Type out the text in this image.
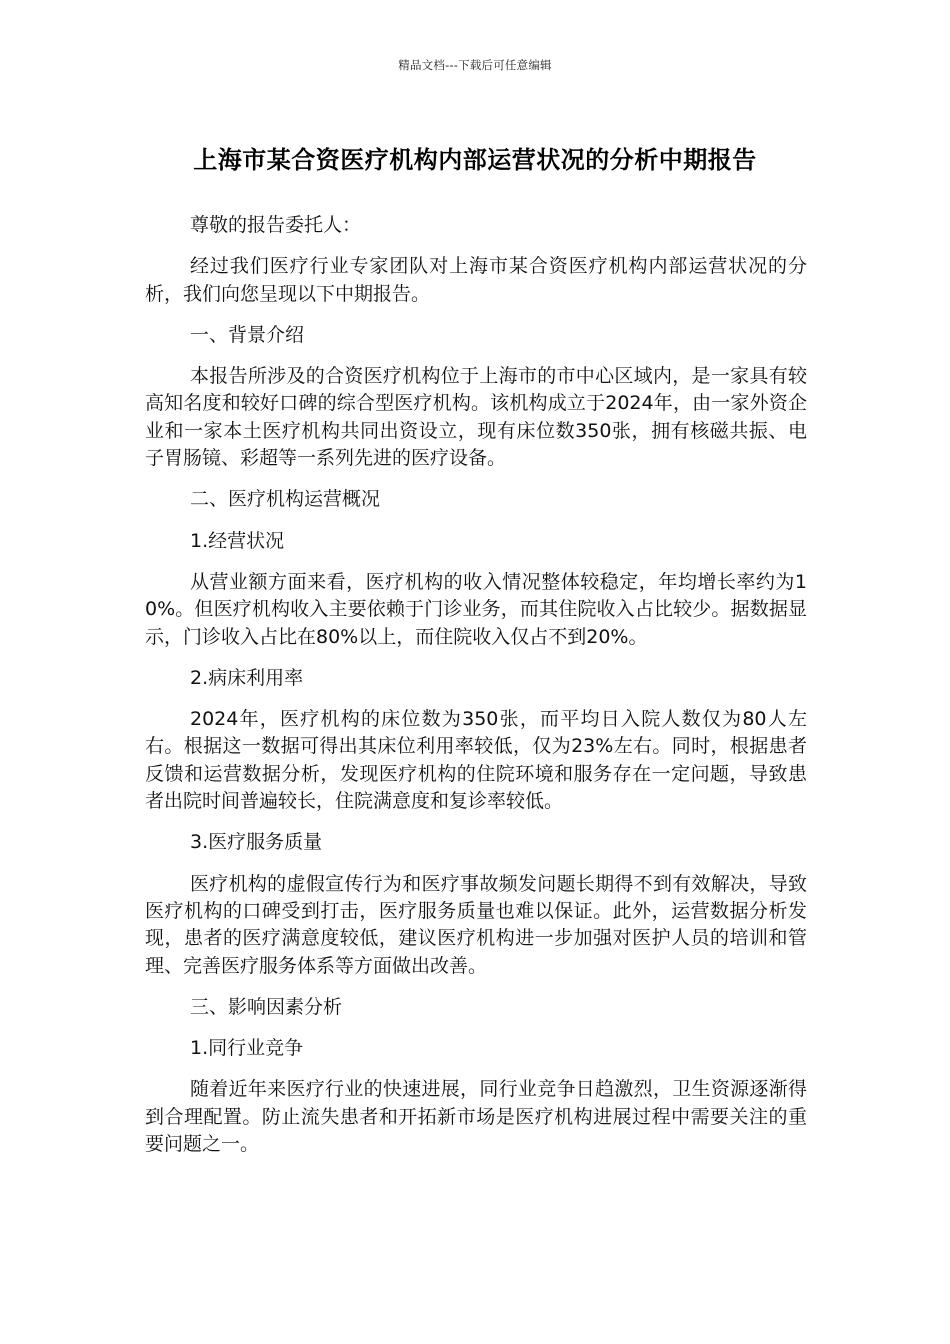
精品文档---下载后可任意编辑
上海市某合资医疗机构内部运营状况的分析中期报告

尊敬的报告委托人：

经过我们医疗行业专家团队对上海市某合资医疗机构内部运营状况的分析，我们向您呈现以下中期报告。

一、背景介绍

本报告所涉及的合资医疗机构位于上海市的市中心区域内，是一家具有较高知名度和较好口碑的综合型医疗机构。该机构成立于2024年，由一家外资企业和一家本土医疗机构共同出资设立，现有床位数350张，拥有核磁共振、电子胃肠镜、彩超等一系列先进的医疗设备。

二、医疗机构运营概况

1.经营状况

从营业额方面来看，医疗机构的收入情况整体较稳定，年均增长率约为10%。但医疗机构收入主要依赖于门诊业务，而其住院收入占比较少。据数据显示，门诊收入占比在80%以上，而住院收入仅占不到20%。

2.病床利用率

2024年，医疗机构的床位数为350张，而平均日入院人数仅为80人左右。根据这一数据可得出其床位利用率较低，仅为23%左右。同时，根据患者反馈和运营数据分析，发现医疗机构的住院环境和服务存在一定问题，导致患者出院时间普遍较长，住院满意度和复诊率较低。

3.医疗服务质量

医疗机构的虚假宣传行为和医疗事故频发问题长期得不到有效解决，导致医疗机构的口碑受到打击，医疗服务质量也难以保证。此外，运营数据分析发现，患者的医疗满意度较低，建议医疗机构进一步加强对医护人员的培训和管理、完善医疗服务体系等方面做出改善。

三、影响因素分析

1.同行业竞争

随着近年来医疗行业的快速进展，同行业竞争日趋激烈，卫生资源逐渐得到合理配置。防止流失患者和开拓新市场是医疗机构进展过程中需要关注的重要问题之一。
